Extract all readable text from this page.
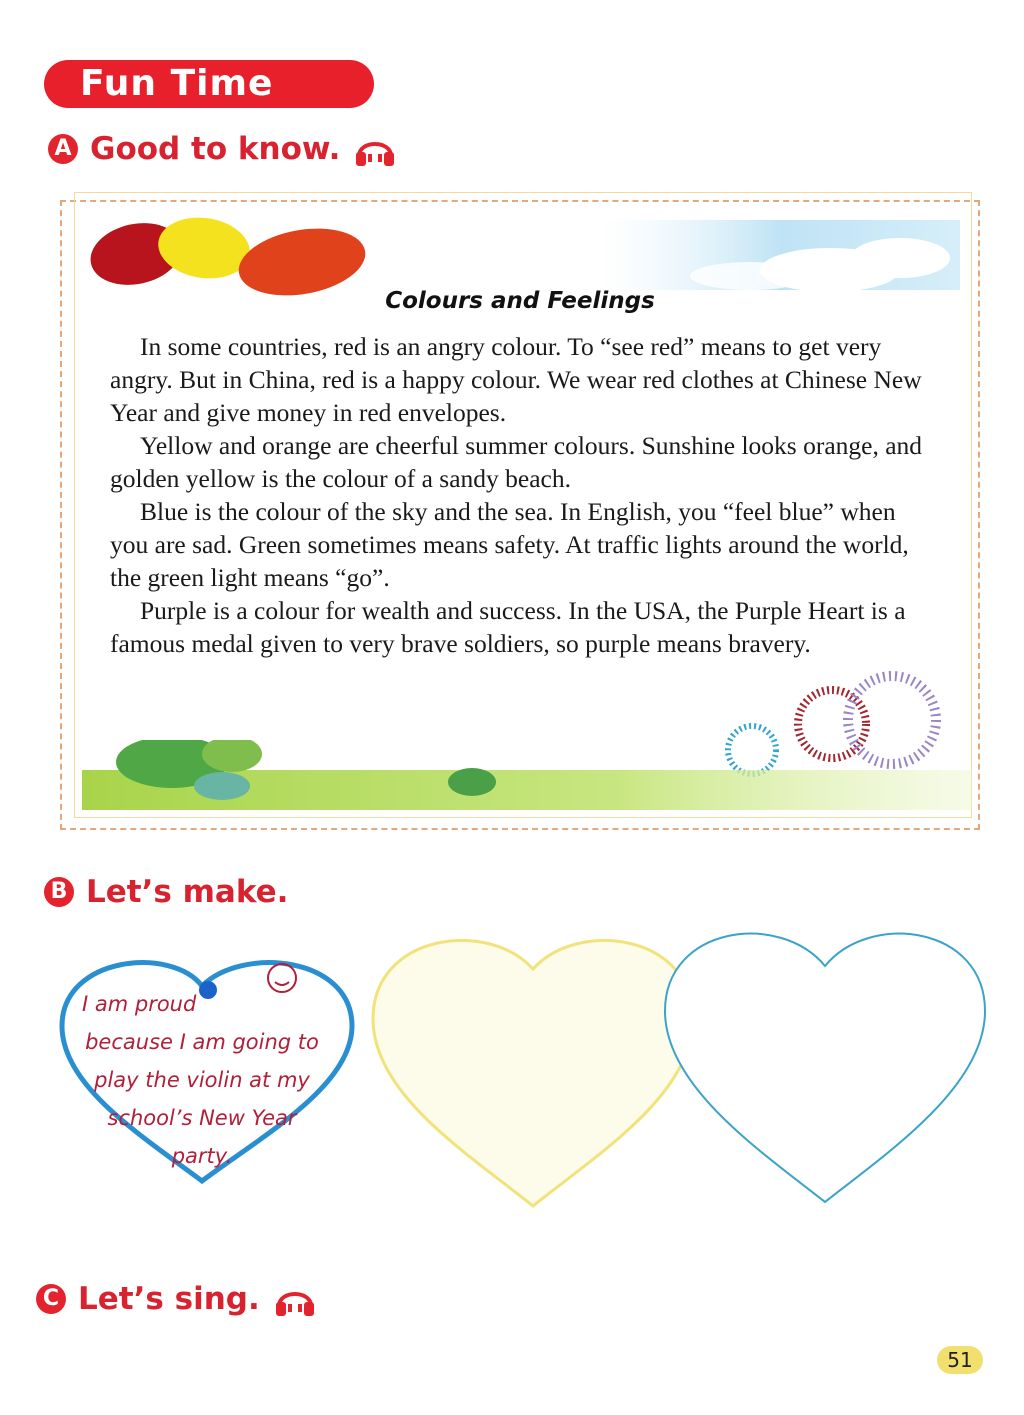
Fun Time
A Good to know.
Colours and Feelings

In some countries, red is an angry colour. To “see red” means to get very angry. But in China, red is a happy colour. We wear red clothes at Chinese New Year and give money in red envelopes.

Yellow and orange are cheerful summer colours. Sunshine looks orange, and golden yellow is the colour of a sandy beach.

Blue is the colour of the sky and the sea. In English, you “feel blue” when you are sad. Green sometimes means safety. At traffic lights around the world, the green light means “go”.

Purple is a colour for wealth and success. In the USA, the Purple Heart is a famous medal given to very brave soldiers, so purple means bravery.

B Let’s make.
I am proud
because I am going to
play the violin at my
school’s New Year
party.
C Let’s sing.
51
